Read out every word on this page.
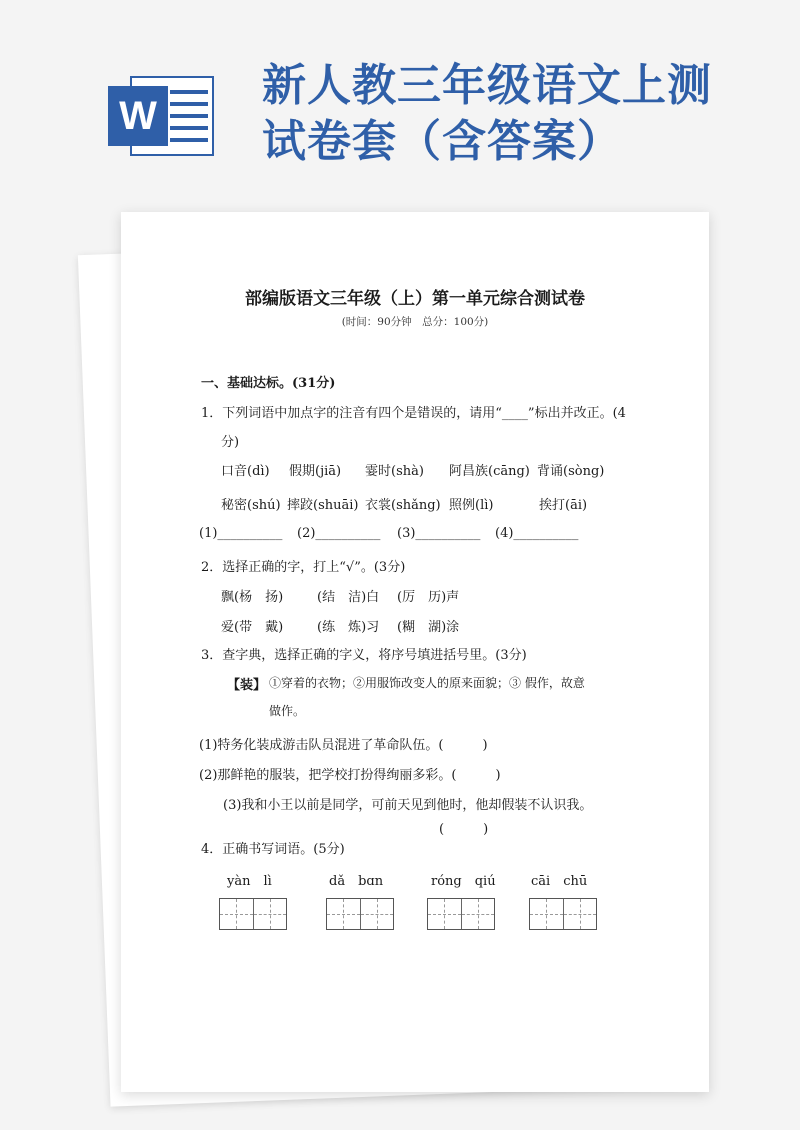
W
新人教三年级语文上测试卷套（含答案）
部编版语文三年级（上）第一单元综合测试卷
(时间：90分钟　总分：100分)
一、基础达标。(31分)
1．下列词语中加点字的注音有四个是错误的，请用“____”标出并改正。(4
分)
口音(dì) 假期(jiā) 霎时(shà) 阿昌族(cāng) 背诵(sòng)
秘密(shú) 摔跤(shuāi) 衣裳(shǎng) 照例(lì)	挨打(āi)
(1)__________ (2)__________ (3)__________ (4)__________
2．选择正确的字，打上“√”。(3分)
飘(杨　扬)	(结　洁)白 (厉　历)声
爱(带　戴)	(练　炼)习 (糊　湖)涂
3．查字典，选择正确的字义，将序号填进括号里。(3分)
【装】 ①穿着的衣物；②用服饰改变人的原来面貌；③ 假作，故意
做作。
(1)特务化装成游击队员混进了革命队伍。(　　　)
(2)那鲜艳的服装，把学校打扮得绚丽多彩。(　　　)
(3)我和小王以前是同学，可前天见到他时，他却假装不认识我。
(　　　)
4．正确书写词语。(5分)
yàn　lì	dǎ　bɑn	róng　qiú	cāi　chū
